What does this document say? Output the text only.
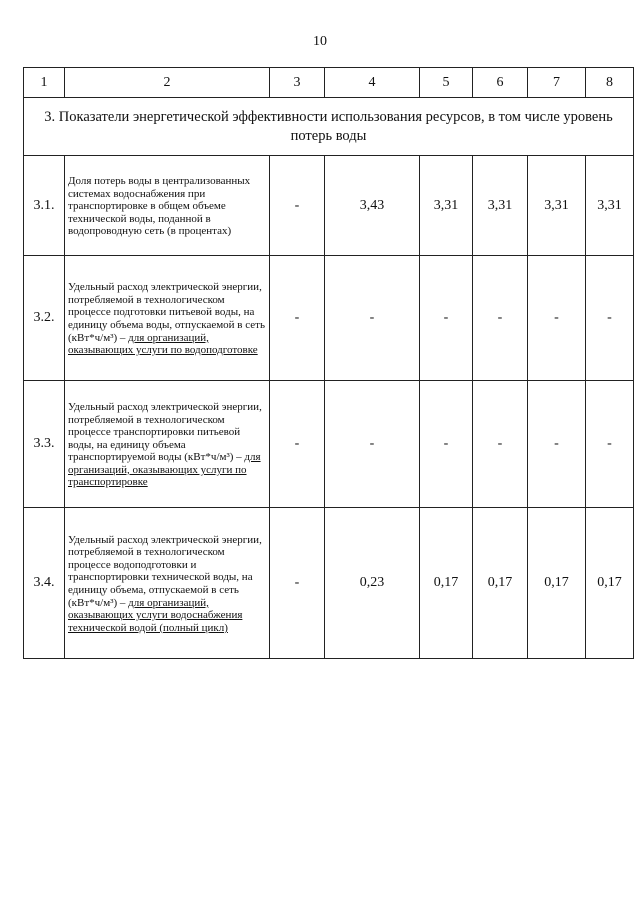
10
1	2	3	4	5	6	7	8
3. Показатели энергетической эффективности использования ресурсов, в том числе уровень потерь воды							
3.1.	Доля потерь воды в централизованных системах водоснабжения при транспортировке в общем объеме технической воды, поданной в водопроводную сеть (в процентах)	-	3,43	3,31	3,31	3,31	3,31
3.2.	Удельный расход электрической энергии, потребляемой в технологическом процессе подготовки питьевой воды, на единицу объема воды, отпускаемой в сеть (кВт*ч/м³) – для организаций, оказывающих услуги по водоподготовке	-	-	-	-	-	-
3.3.	Удельный расход электрической энергии, потребляемой в технологическом процессе транспортировки питьевой воды, на единицу объема транспортируемой воды (кВт*ч/м³) – для организаций, оказывающих услуги по транспортировке	-	-	-	-	-	-
3.4.	Удельный расход электрической энергии, потребляемой в технологическом процессе водоподготовки и транспортировки технической воды, на единицу объема, отпускаемой в сеть (кВт*ч/м³) – для организаций, оказывающих услуги водоснабжения технической водой (полный цикл)	-	0,23	0,17	0,17	0,17	0,17
